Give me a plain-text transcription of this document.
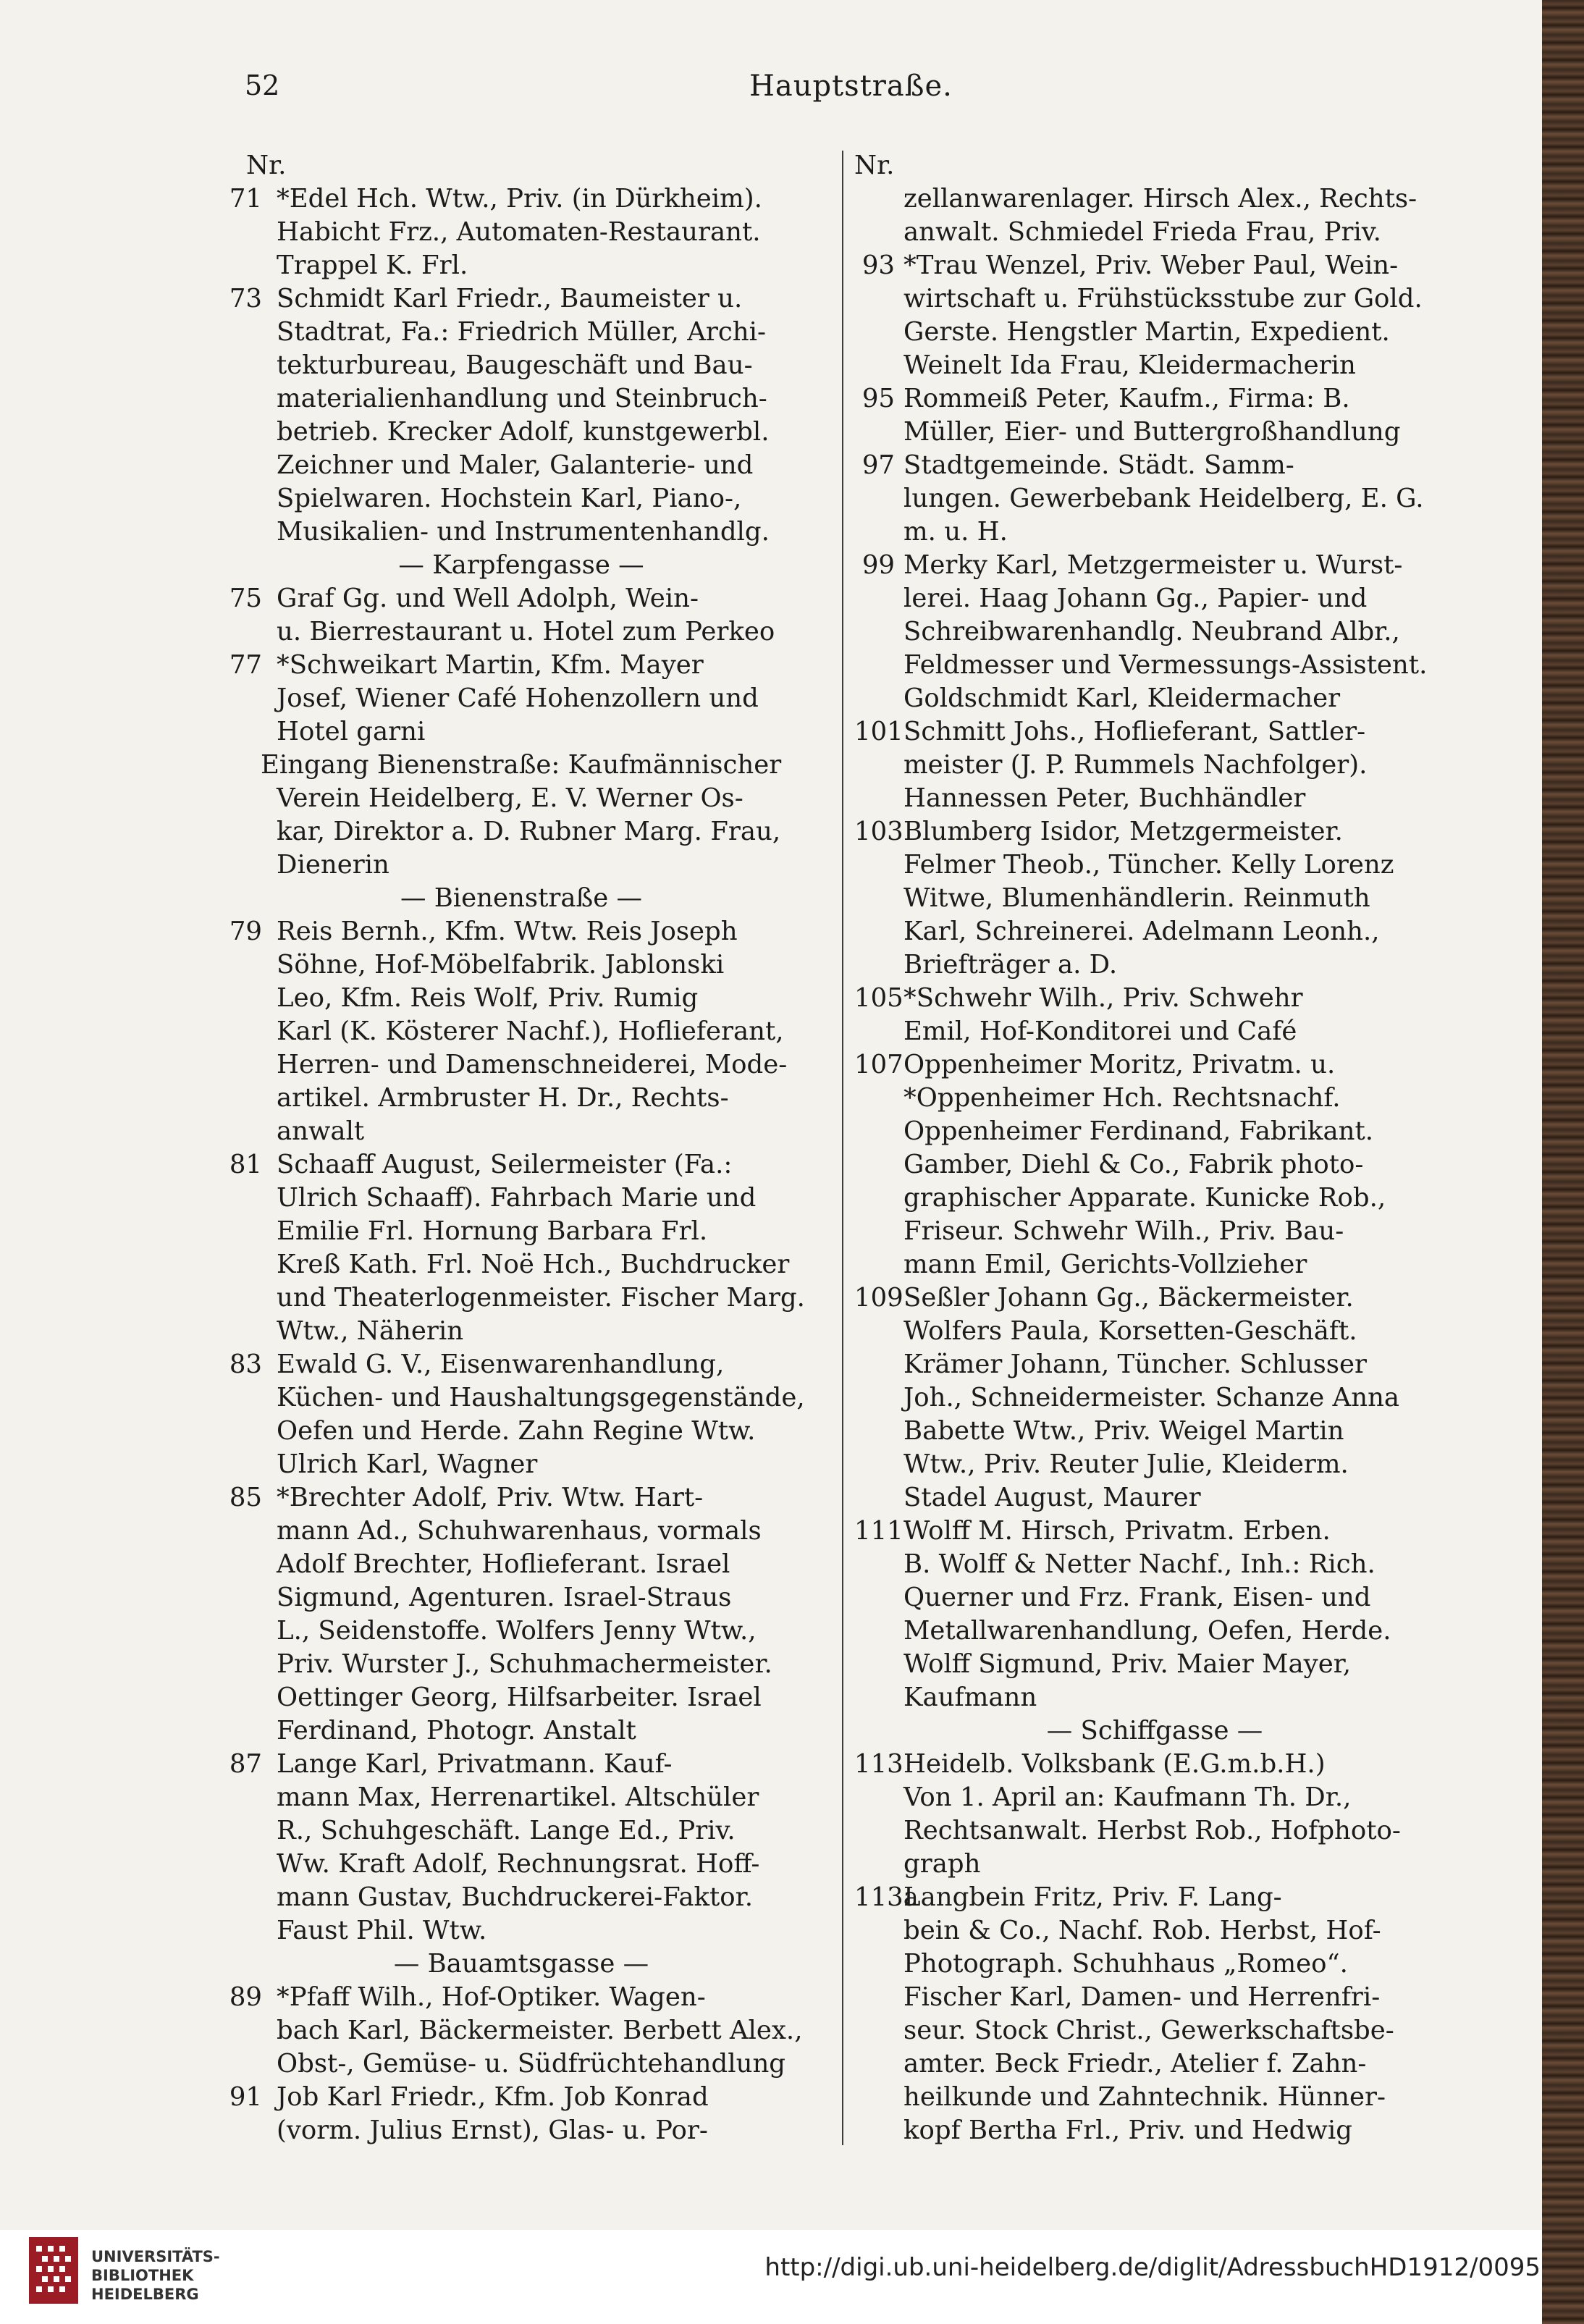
52	Hauptstraße.
Nr.
71 *Edel Hch. Wtw., Priv. (in Dürkheim).
Habicht Frz., Automaten-Restaurant.
Trappel K. Frl.
73 Schmidt Karl Friedr., Baumeister u.
Stadtrat, Fa.: Friedrich Müller, Archi-
tekturbureau, Baugeschäft und Bau-
materialienhandlung und Steinbruch-
betrieb. Krecker Adolf, kunstgewerbl.
Zeichner und Maler, Galanterie- und
Spielwaren. Hochstein Karl, Piano-,
Musikalien- und Instrumentenhandlg.
— Karpfengasse —
75 Graf Gg. und Well Adolph, Wein-
u. Bierrestaurant u. Hotel zum Perkeo
77 *Schweikart Martin, Kfm. Mayer
Josef, Wiener Café Hohenzollern und
Hotel garni
Eingang Bienenstraße: Kaufmännischer
Verein Heidelberg, E. V. Werner Os-
kar, Direktor a. D. Rubner Marg. Frau,
Dienerin
— Bienenstraße —
79 Reis Bernh., Kfm. Wtw. Reis Joseph
Söhne, Hof-Möbelfabrik. Jablonski
Leo, Kfm. Reis Wolf, Priv. Rumig
Karl (K. Kösterer Nachf.), Hoflieferant,
Herren- und Damenschneiderei, Mode-
artikel. Armbruster H. Dr., Rechts-
anwalt
81 Schaaff August, Seilermeister (Fa.:
Ulrich Schaaff). Fahrbach Marie und
Emilie Frl. Hornung Barbara Frl.
Kreß Kath. Frl. Noë Hch., Buchdrucker
und Theaterlogenmeister. Fischer Marg.
Wtw., Näherin
83 Ewald G. V., Eisenwarenhandlung,
Küchen- und Haushaltungsgegenstände,
Oefen und Herde. Zahn Regine Wtw.
Ulrich Karl, Wagner
85 *Brechter Adolf, Priv. Wtw. Hart-
mann Ad., Schuhwarenhaus, vormals
Adolf Brechter, Hoflieferant. Israel
Sigmund, Agenturen. Israel-Straus
L., Seidenstoffe. Wolfers Jenny Wtw.,
Priv. Wurster J., Schuhmachermeister.
Oettinger Georg, Hilfsarbeiter. Israel
Ferdinand, Photogr. Anstalt
87 Lange Karl, Privatmann. Kauf-
mann Max, Herrenartikel. Altschüler
R., Schuhgeschäft. Lange Ed., Priv.
Ww. Kraft Adolf, Rechnungsrat. Hoff-
mann Gustav, Buchdruckerei-Faktor.
Faust Phil. Wtw.
— Bauamtsgasse —
89 *Pfaff Wilh., Hof-Optiker. Wagen-
bach Karl, Bäckermeister. Berbett Alex.,
Obst-, Gemüse- u. Südfrüchtehandlung
91 Job Karl Friedr., Kfm. Job Konrad
(vorm. Julius Ernst), Glas- u. Por-
Nr.
zellanwarenlager. Hirsch Alex., Rechts-
anwalt. Schmiedel Frieda Frau, Priv.
93 *Trau Wenzel, Priv. Weber Paul, Wein-
wirtschaft u. Frühstücksstube zur Gold.
Gerste. Hengstler Martin, Expedient.
Weinelt Ida Frau, Kleidermacherin
95 Rommeiß Peter, Kaufm., Firma: B.
Müller, Eier- und Buttergroßhandlung
97 Stadtgemeinde. Städt. Samm-
lungen. Gewerbebank Heidelberg, E. G.
m. u. H.
99 Merky Karl, Metzgermeister u. Wurst-
lerei. Haag Johann Gg., Papier- und
Schreibwarenhandlg. Neubrand Albr.,
Feldmesser und Vermessungs-Assistent.
Goldschmidt Karl, Kleidermacher
101 Schmitt Johs., Hoflieferant, Sattler-
meister (J. P. Rummels Nachfolger).
Hannessen Peter, Buchhändler
103 Blumberg Isidor, Metzgermeister.
Felmer Theob., Tüncher. Kelly Lorenz
Witwe, Blumenhändlerin. Reinmuth
Karl, Schreinerei. Adelmann Leonh.,
Briefträger a. D.
105 *Schwehr Wilh., Priv. Schwehr
Emil, Hof-Konditorei und Café
107 Oppenheimer Moritz, Privatm. u.
*Oppenheimer Hch. Rechtsnachf.
Oppenheimer Ferdinand, Fabrikant.
Gamber, Diehl & Co., Fabrik photo-
graphischer Apparate. Kunicke Rob.,
Friseur. Schwehr Wilh., Priv. Bau-
mann Emil, Gerichts-Vollzieher
109 Seßler Johann Gg., Bäckermeister.
Wolfers Paula, Korsetten-Geschäft.
Krämer Johann, Tüncher. Schlusser
Joh., Schneidermeister. Schanze Anna
Babette Wtw., Priv. Weigel Martin
Wtw., Priv. Reuter Julie, Kleiderm.
Stadel August, Maurer
111 Wolff M. Hirsch, Privatm. Erben.
B. Wolff & Netter Nachf., Inh.: Rich.
Querner und Frz. Frank, Eisen- und
Metallwarenhandlung, Oefen, Herde.
Wolff Sigmund, Priv. Maier Mayer,
Kaufmann
— Schiffgasse —
113 Heidelb. Volksbank (E.G.m.b.H.)
Von 1. April an: Kaufmann Th. Dr.,
Rechtsanwalt. Herbst Rob., Hofphoto-
graph
113a
Langbein Fritz, Priv. F. Lang-
bein & Co., Nachf. Rob. Herbst, Hof-
Photograph. Schuhhaus „Romeo“.
Fischer Karl, Damen- und Herrenfri-
seur. Stock Christ., Gewerkschaftsbe-
amter. Beck Friedr., Atelier f. Zahn-
heilkunde und Zahntechnik. Hünner-
kopf Bertha Frl., Priv. und Hedwig
UNIVERSITÄTS-
BIBLIOTHEK
HEIDELBERG
http://digi.ub.uni-heidelberg.de/diglit/AdressbuchHD1912/0095
